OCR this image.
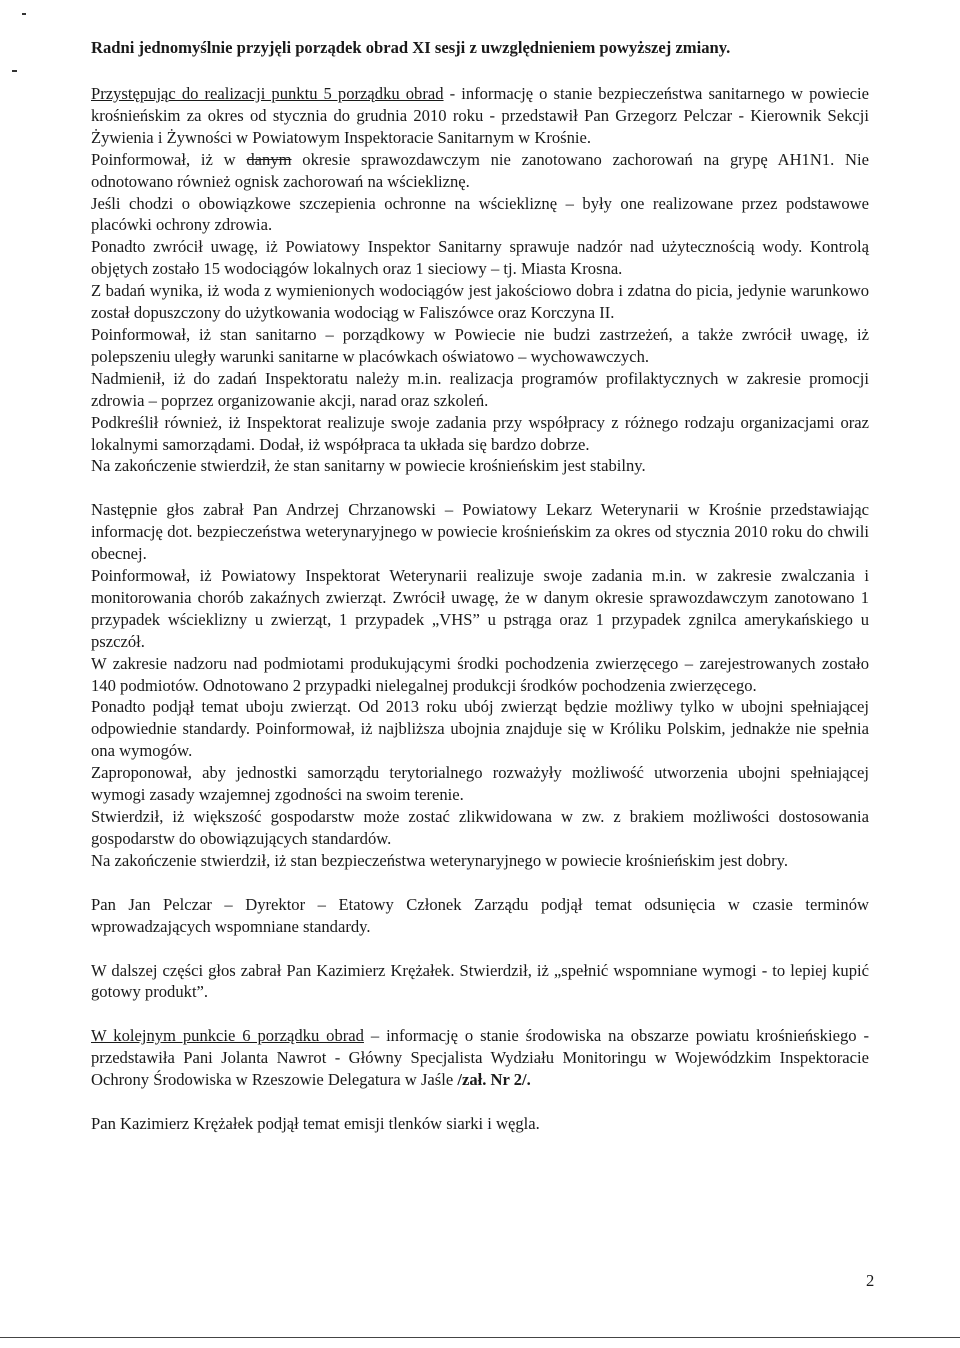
Radni jednomyślnie przyjęli porządek obrad XI sesji z uwzględnieniem powyższej zmiany.

Przystępując do realizacji punktu 5 porządku obrad - informację o stanie bezpieczeństwa sanitarnego w powiecie krośnieńskim za okres od stycznia do grudnia 2010 roku - przedstawił Pan Grzegorz Pelczar - Kierownik Sekcji Żywienia i Żywności w Powiatowym Inspektoracie Sanitarnym w Krośnie.

Poinformował, iż w danym okresie sprawozdawczym nie zanotowano zachorowań na grypę AH1N1. Nie odnotowano również ognisk zachorowań na wściekliznę.

Jeśli chodzi o obowiązkowe szczepienia ochronne na wściekliznę – były one realizowane przez podstawowe placówki ochrony zdrowia.

Ponadto zwrócił uwagę, iż Powiatowy Inspektor Sanitarny sprawuje nadzór nad użytecznością wody. Kontrolą objętych zostało 15 wodociągów lokalnych oraz 1 sieciowy – tj. Miasta Krosna.

Z badań wynika, iż woda z wymienionych wodociągów jest jakościowo dobra i zdatna do picia, jedynie warunkowo został dopuszczony do użytkowania wodociąg w Faliszówce oraz Korczyna II.

Poinformował, iż stan sanitarno – porządkowy w Powiecie nie budzi zastrzeżeń, a także zwrócił uwagę, iż polepszeniu uległy warunki sanitarne w placówkach oświatowo – wychowawczych.

Nadmienił, iż do zadań Inspektoratu należy m.in. realizacja programów profilaktycznych w zakresie promocji zdrowia – poprzez organizowanie akcji, narad oraz szkoleń.

Podkreślił również, iż Inspektorat realizuje swoje zadania przy współpracy z różnego rodzaju organizacjami oraz lokalnymi samorządami. Dodał, iż współpraca ta układa się bardzo dobrze.

Na zakończenie stwierdził, że stan sanitarny w powiecie krośnieńskim jest stabilny.

Następnie głos zabrał Pan Andrzej Chrzanowski – Powiatowy Lekarz Weterynarii w Krośnie przedstawiając informację dot. bezpieczeństwa weterynaryjnego w powiecie krośnieńskim za okres od stycznia 2010 roku do chwili obecnej.

Poinformował, iż Powiatowy Inspektorat Weterynarii realizuje swoje zadania m.in. w zakresie zwalczania i monitorowania chorób zakaźnych zwierząt. Zwrócił uwagę, że w danym okresie sprawozdawczym zanotowano 1 przypadek wścieklizny u zwierząt, 1 przypadek „VHS” u pstrąga oraz 1 przypadek zgnilca amerykańskiego u pszczół.

W zakresie nadzoru nad podmiotami produkującymi środki pochodzenia zwierzęcego – zarejestrowanych zostało 140 podmiotów. Odnotowano 2 przypadki nielegalnej produkcji środków pochodzenia zwierzęcego.

Ponadto podjął temat uboju zwierząt. Od 2013 roku ubój zwierząt będzie możliwy tylko w ubojni spełniającej odpowiednie standardy. Poinformował, iż najbliższa ubojnia znajduje się w Króliku Polskim, jednakże nie spełnia ona wymogów.

Zaproponował, aby jednostki samorządu terytorialnego rozważyły możliwość utworzenia ubojni spełniającej wymogi zasady wzajemnej zgodności na swoim terenie.

Stwierdził, iż większość gospodarstw może zostać zlikwidowana w zw. z brakiem możliwości dostosowania gospodarstw do obowiązujących standardów.

Na zakończenie stwierdził, iż stan bezpieczeństwa weterynaryjnego w powiecie krośnieńskim jest dobry.

Pan Jan Pelczar – Dyrektor – Etatowy Członek Zarządu podjął temat odsunięcia w czasie terminów wprowadzających wspomniane standardy.

W dalszej części głos zabrał Pan Kazimierz Krężałek. Stwierdził, iż „spełnić wspomniane wymogi - to lepiej kupić gotowy produkt”.

W kolejnym punkcie 6 porządku obrad – informację o stanie środowiska na obszarze powiatu krośnieńskiego - przedstawiła Pani Jolanta Nawrot - Główny Specjalista Wydziału Monitoringu w Wojewódzkim Inspektoracie Ochrony Środowiska w Rzeszowie Delegatura w Jaśle /zał. Nr 2/.

Pan Kazimierz Krężałek podjął temat emisji tlenków siarki i węgla.

2
